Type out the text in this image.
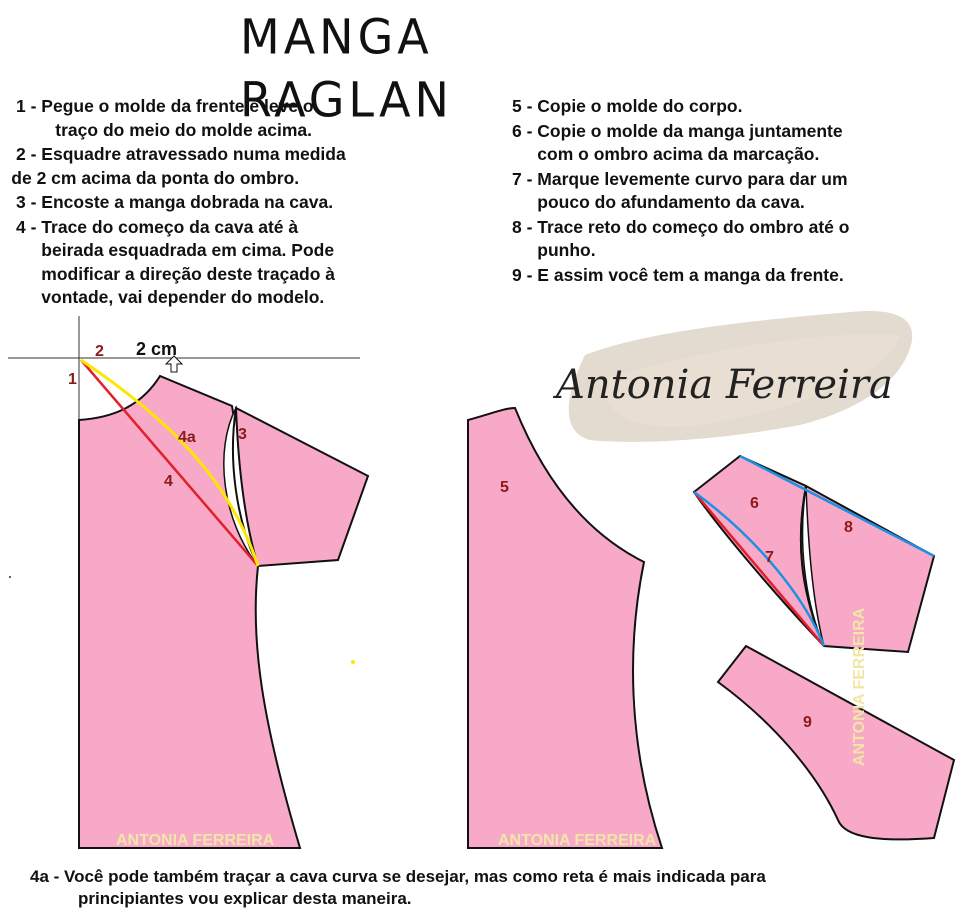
MANGA RAGLAN
1 - Pegue o molde da frente e leve o
traço do meio do molde acima.
2 - Esquadre atravessado numa medida
de 2 cm acima da ponta do ombro.
3 - Encoste a manga dobrada na cava.
4 - Trace do começo da cava até à
beirada esquadrada em cima. Pode
modificar a direção deste traçado à
vontade, vai depender do modelo.
5 - Copie o molde do corpo.
6 - Copie o molde da manga juntamente
com o ombro acima da marcação.
7 - Marque levemente curvo para dar um
pouco do afundamento da cava.
8 - Trace reto do começo do ombro até o
punho.
9 - E assim você tem a manga da frente.
Antonia Ferreira
1
2 2 cm
3
4a
4	5
6
7
8
9
ANTONIA FERREIRA	ANTONIA FERREIRA
ANTONIA FERREIRA
4a - Você pode também traçar a cava curva se desejar, mas como reta é mais indicada para
principiantes vou explicar desta maneira.
